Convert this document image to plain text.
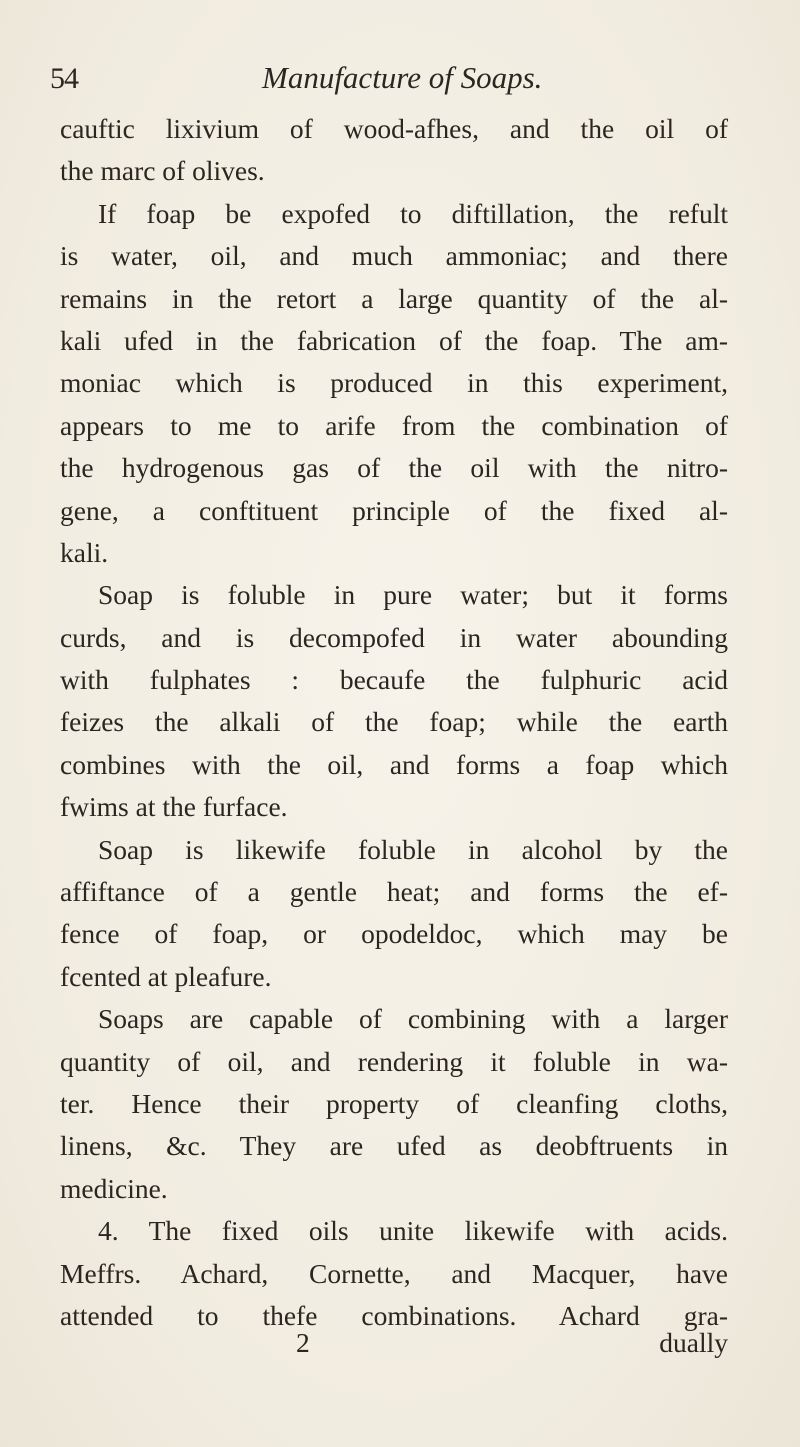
54	Manufacture of Soaps.
cauftic lixivium of wood-afhes, and the oil of
the marc of olives.
If foap be expofed to diftillation, the refult
is water, oil, and much ammoniac; and there
remains in the retort a large quantity of the al-
kali ufed in the fabrication of the foap. The am-
moniac which is produced in this experiment,
appears to me to arife from the combination of
the hydrogenous gas of the oil with the nitro-
gene, a conftituent principle of the fixed al-
kali.
Soap is foluble in pure water; but it forms
curds, and is decompofed in water abounding
with fulphates : becaufe the fulphuric acid
feizes the alkali of the foap; while the earth
combines with the oil, and forms a foap which
fwims at the furface.
Soap is likewife foluble in alcohol by the
affiftance of a gentle heat; and forms the ef-
fence of foap, or opodeldoc, which may be
fcented at pleafure.
Soaps are capable of combining with a larger
quantity of oil, and rendering it foluble in wa-
ter. Hence their property of cleanfing cloths,
linens, &c. They are ufed as deobftruents in
medicine.
4. The fixed oils unite likewife with acids.
Meffrs. Achard, Cornette, and Macquer, have
attended to thefe combinations. Achard gra-
2	dually
